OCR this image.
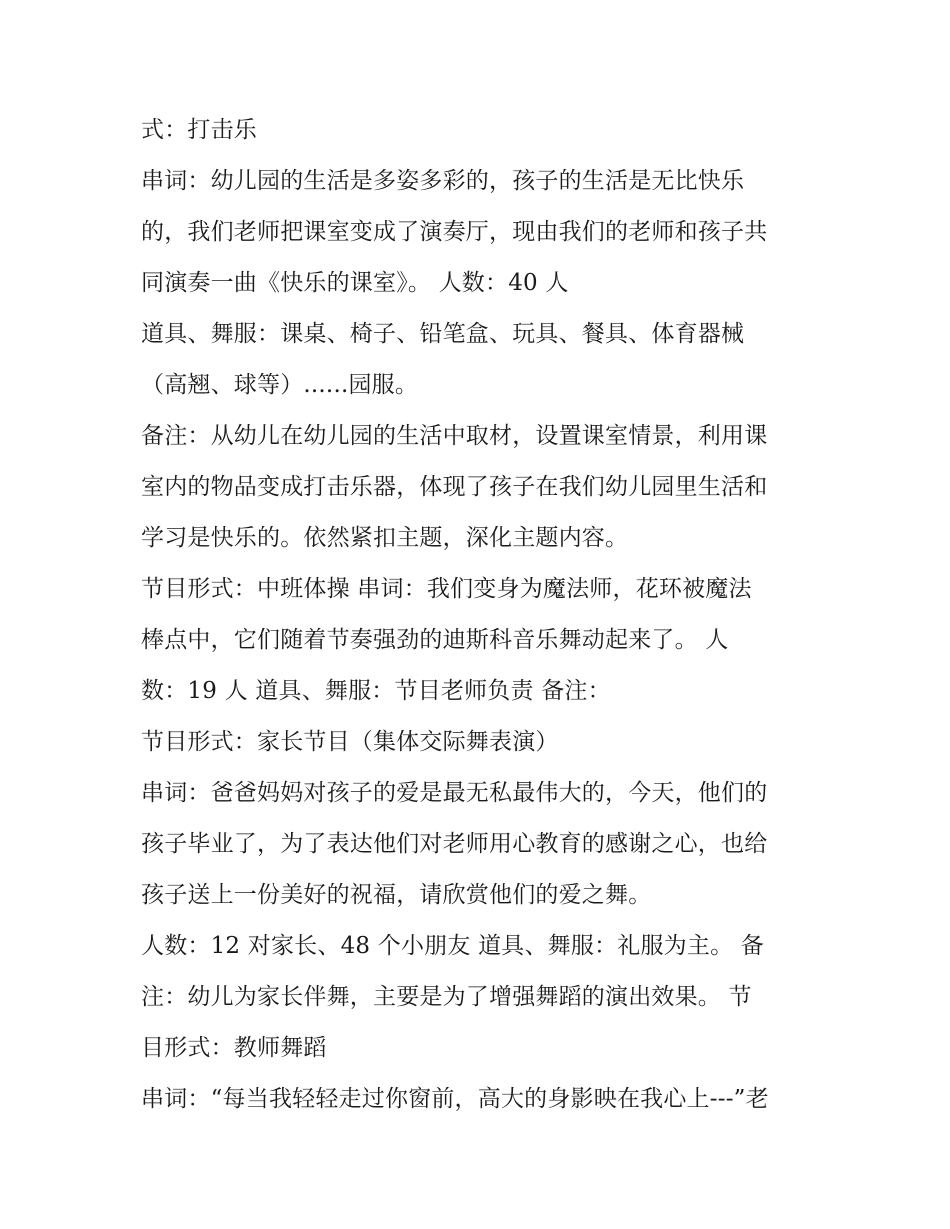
式：打击乐
串词：幼儿园的生活是多姿多彩的，孩子的生活是无比快乐
的，我们老师把课室变成了演奏厅，现由我们的老师和孩子共
同演奏一曲《快乐的课室》。 人数：40 人
道具、舞服：课桌、椅子、铅笔盒、玩具、餐具、体育器械
（高翘、球等）......园服。
备注：从幼儿在幼儿园的生活中取材，设置课室情景，利用课
室内的物品变成打击乐器，体现了孩子在我们幼儿园里生活和
学习是快乐的。依然紧扣主题，深化主题内容。
节目形式：中班体操 串词：我们变身为魔法师，花环被魔法
棒点中，它们随着节奏强劲的迪斯科音乐舞动起来了。 人
数：19 人 道具、舞服：节目老师负责 备注：
节目形式：家长节目（集体交际舞表演）
串词：爸爸妈妈对孩子的爱是最无私最伟大的，今天，他们的
孩子毕业了，为了表达他们对老师用心教育的感谢之心，也给
孩子送上一份美好的祝福，请欣赏他们的爱之舞。
人数：12 对家长、48 个小朋友 道具、舞服：礼服为主。 备
注：幼儿为家长伴舞，主要是为了增强舞蹈的演出效果。 节
目形式：教师舞蹈
串词：“每当我轻轻走过你窗前，高大的身影映在我心上---”老
